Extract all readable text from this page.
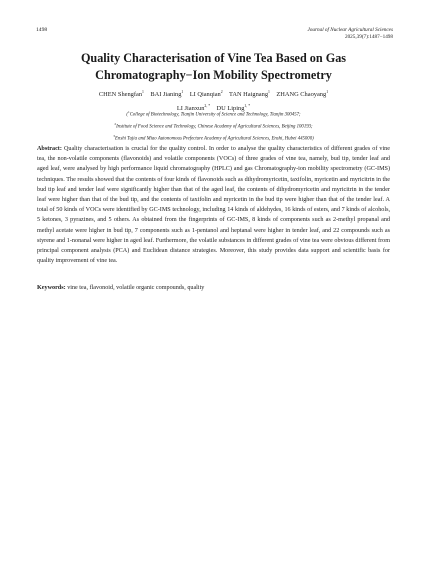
1498	Journal of Nuclear Agricultural Sciences
2025,39(7):1487−1498
Quality Characterisation of Vine Tea Based on Gas
Chromatography−Ion Mobility Spectrometry
CHEN Shengfan$^1$ BAI Jianing$^1$ LI Qianqian$^2$ TAN Haignang$^1$ ZHANG Chaoyang$^1$
LI Jianxun$^{2, *}$ DU Liping$^{1, *}$
($^1$College of Biotechnology, Tianjin University of Science and Technology, Tianjin 300457;
$^2$Institute of Food Science and Technology, Chinese Academy of Agricultural Sciences, Beijing 100193;
$^3$Enshi Tujia and Miao Autonomous Prefecture Academy of Agricultural Sciences, Enshi, Hubei 445000)
Abstract: Quality characterisation is crucial for the quality control. In order to analyse the quality characteristics of different grades of vine tea, the non-volatile components (flavonoids) and volatile components (VOCs) of three grades of vine tea, namely, bud tip, tender leaf and aged leaf, were analysed by high performance liquid chromatography (HPLC) and gas Chromatography-ion mobility spectrometry (GC-IMS) techniques. The results showed that the contents of four kinds of flavonoids such as dihydromyricetin, taxifolin, myricetin and myricitrin in the bud tip leaf and tender leaf were significantly higher than that of the aged leaf, the contents of dihydromyricetin and myricitrin in the tender leaf were higher than that of the bud tip, and the contents of taxifolin and myricetin in the bud tip were higher than that of the tender leaf. A total of 50 kinds of VOCs were identified by GC-IMS technology, including 14 kinds of aldehydes, 16 kinds of esters, and 7 kinds of alcohols, 5 ketones, 3 pyrazines, and 5 others. As obtained from the fingerprints of GC-IMS, 8 kinds of components such as 2-methyl propanal and methyl acetate were higher in bud tip, 7 components such as 1-pentanol and heptanal were higher in tender leaf, and 22 compounds such as styrene and 1-nonanal were higher in aged leaf. Furthermore, the volatile substances in different grades of vine tea were obvious different from principal component analysis (PCA) and Euclidean distance strategies. Moreover, this study provides data support and scientific basis for quality improvement of vine tea.
Keywords: vine tea, flavonoid, volatile organic compounds, quality
